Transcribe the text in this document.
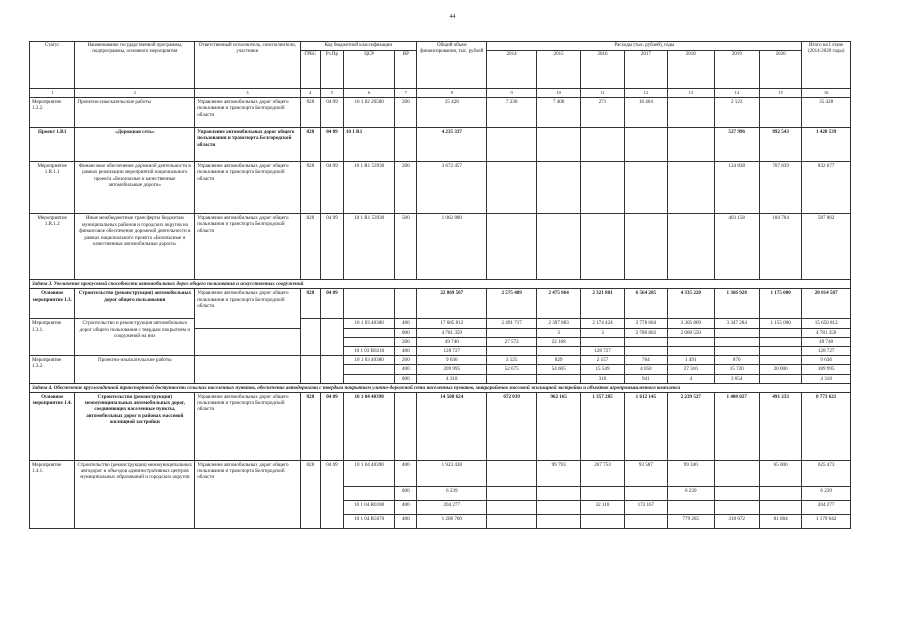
44
Статус	Наименование государственной программы, подпрограммы, основного мероприятия	Ответственный исполнитель, соисполнители, участники	Код бюджетной классификации				Общий объем финансирования, тыс. рублей	Расходы (тыс. рублей), годы							Итого на I этапе (2014-2020 годы)
			ГРБС	Рз Пр	ЦСР	ВР		2014	2015	2016	2017	2018	2019	2020	
1	2	3	4	5	6	7	8	9	10	11	12	13	14	15	16
Мероприятие 1.2.2.	Проектно-изыскательские работы	Управление автомобильных дорог общего пользования и транспорта Белгородской области	828	04 09	10 1 02 20580	200	35 428	7 230	7 400	271	18 404		2 123		35 428
Проект 1.R1	«Дорожная сеть»	Управление автомобильных дорог общего пользования и транспорта Белгородской области	828	04 09	10 1 R1		4 235 337						527 996	892 543	1 420 539
Мероприятие 1.R.1.1	Финансовое обеспечение дорожной деятельности в рамках реализации мероприятий национального проекта «Безопасные и качественные автомобильные дороги»	Управление автомобильных дорог общего пользования и транспорта Белгородской области	828	04 09	10 1 R1 53930	200	3 672 457						124 838	707 839	832 677
Мероприятие 1.R.1.2	Иные межбюджетные трансферты бюджетам муниципальных районов и городских округов на финансовое обеспечение дорожной деятельности в рамках национального проекта «Безопасные и качественные автомобильные дороги»	Управление автомобильных дорог общего пользования и транспорта Белгородской области	828	04 09	10 1 R1 53930	500	1 062 880						403 158	184 704	587 862
Задача 3. Увеличение пропускной способности автомобильных дорог общего пользования и искусственных сооружений															
Основное мероприятие 1.3.	Строительство (реконструкция) автомобильных дорог общего пользования	Управление автомобильных дорог общего пользования и транспорта Белгородской области	828	04 09			22 869 587	2 575 489	2 475 864	2 321 801	6 564 285	4 335 220	1 366 928	1 175 000	20 814 587
Мероприятие 1.3.1.	Строительство и реконструкция автомобильных дорог общего пользования с твердым покрытием и сооружений на них				10 1 03 40380	400	17 685 812	2 491 717	2 397 883	2 174 424	3 778 664	3 305 869	3 347 284	1 155 000	15 650 812
						800	4 781 359		3	3	2 780 803	2 000 550			4 781 359
						200	49 740	27 572	22 168						49 740
					10 1 03 R0210	400	128 727			128 727					128 727
Мероприятие 1.3.2.	Проектно-изыскательские работы				10 1 03 40380	200	9 636	3 525	829	2 157	764	1 491	870		9 636
						400	209 995	52 675	54 605	15 549	4 050	27 316	15 720	20 000	189 995
						800	4 318			310	941	4	3 054		4 318
Задача 4. Обеспечение круглогодичной транспортной доступности сельских населенных пунктов, обеспечение автодорогами с твердым покрытием улично-дорожной сети населенных пунктов, микрорайонов массовой жилищной застройки и объектов агропромышленного комплекса															
Основное мероприятие 1.4.	Строительство (реконструкция) межмуниципальных автомобильных дорог, соединяющих населенные пункты, автомобильных дорог в районах массовой жилищной застройки	Управление автомобильных дорог общего пользования и транспорта Белгородской области	828	04 09	10 1 04 40390		14 508 624	672 039	962 165	1 357 285	1 612 145	2 239 527	1 408 027	491 233	8 773 621
Мероприятие 1.4.1.	Строительство (реконструкция) межмуниципальных автодорог и объездов административных центров муниципальных образований и городских округов	Управление автомобильных дорог общего пользования и транспорта Белгородской области	828	04 09	10 1 04 40390	400	1 923 438		99 793	267 753	93 587	99 340		65 000	625 473
						800	6 239					6 239			6 239
					10 1 04 R0180	400	204 277			32 110	172 167				204 277
					10 1 04 R5670	400	1 208 760					779 285	318 672	81 684	1 179 642
